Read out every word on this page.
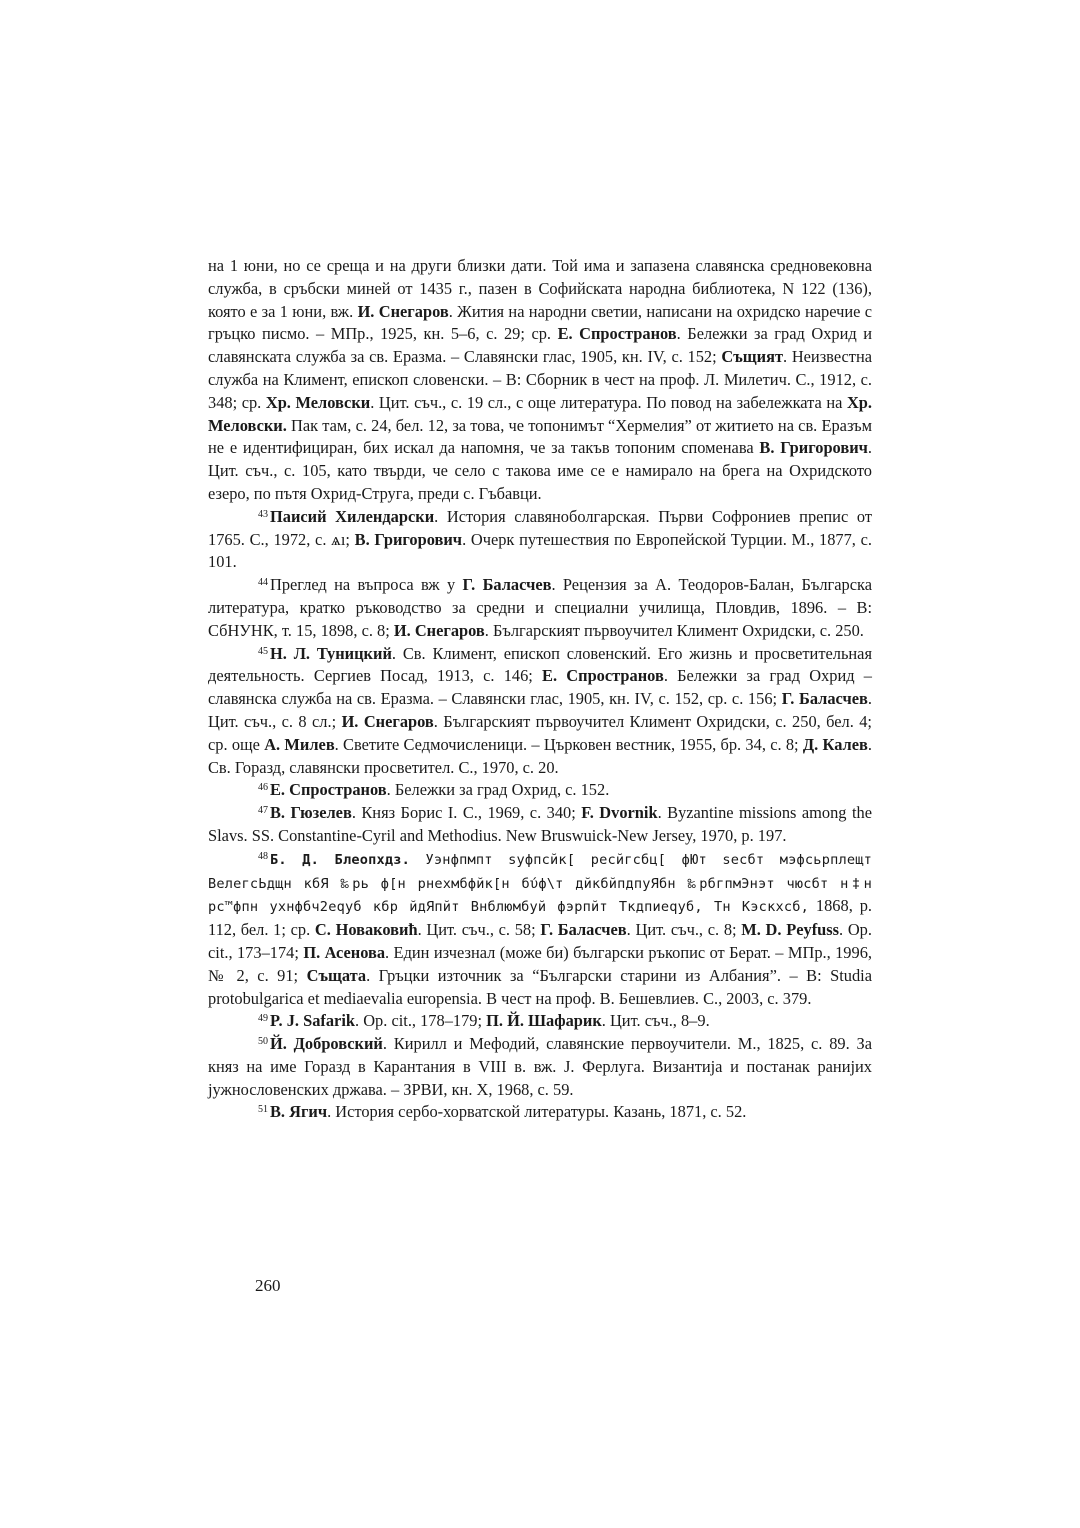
на 1 юни, но се среща и на други близки дати. Той има и запазена славянска средновековна служба, в сръбски миней от 1435 г., пазен в Софийската народна библиотека, N 122 (136), която е за 1 юни, вж. И. Снегаров. Жития на народни светии, написани на охридско наречие с гръцко писмо. – МПр., 1925, кн. 5–6, с. 29; ср. Е. Спространов. Бележки за град Охрид и славянската служба за св. Еразма. – Славянски глас, 1905, кн. IV, с. 152; Същият. Неизвестна служба на Климент, епископ словенски. – В: Сборник в чест на проф. Л. Милетич. С., 1912, с. 348; ср. Хр. Меловски. Цит. съч., с. 19 сл., с още литература. По повод на забележката на Хр. Меловски. Пак там, с. 24, бел. 12, за това, че топонимът “Хермелия” от житието на св. Еразъм не е идентифициран, бих искал да напомня, че за такъв топоним споменава В. Григорович. Цит. съч., с. 105, като твърди, че село с такова име се е намирало на брега на Охридското езеро, по пътя Охрид-Струга, преди с. Гъбавци.

$^{43}$ Паисий Хилендарски. История славяноболгарская. Първи Софрониев препис от 1765. С., 1972, с. ѧı; В. Григорович. Очерк путешествия по Европейской Турции. М., 1877, с. 101.

$^{44}$ Преглед на въпроса вж у Г. Баласчев. Рецензия за А. Теодоров-Балан, Българска литература, кратко ръководство за средни и специални училища, Пловдив, 1896. – В: СбНУНК, т. 15, 1898, с. 8; И. Снегаров. Българският първоучител Климент Охридски, с. 250.

$^{45}$ Н. Л. Туницкий. Св. Климент, епископ словенский. Его жизнь и просветительная деятельность. Сергиев Посад, 1913, с. 146; Е. Спространов. Бележки за град Охрид – славянска служба на св. Еразма. – Славянски глас, 1905, кн. IV, с. 152, ср. с. 156; Г. Баласчев. Цит. съч., с. 8 сл.; И. Снегаров. Българският първоучител Климент Охридски, с. 250, бел. 4; ср. още А. Милев. Светите Седмочисленици. – Църковен вестник, 1955, бр. 34, с. 8; Д. Калев. Св. Горазд, славянски просветител. С., 1970, с. 20.

$^{46}$ Е. Спространов. Бележки за град Охрид, с. 152.

$^{47}$ В. Гюзелев. Княз Борис I. С., 1969, с. 340; F. Dvornik. Byzantine missions among the Slavs. SS. Constantine-Cyril and Methodius. New Bruswuick-New Jersey, 1970, p. 197.

$^{48}$ Б. Д. Блеопхдз. Уэнфпмпт ѕуфпсйк[ ресйгсбц[ фЮт ѕесбт мэфсьрплещт ВелегсЬдщн кбЯ ‰рь ф[н рнехмбфйк[н бύф\т дйкбйпдпуЯбн ‰рбгпмЭнэт чюсбт н‡н рс™фпн ухнфбч2еqуб кбр йдЯпйт Внблюмбуй фэрпйт Ткдпиеqуб, Тн Кэскхсб, 1868, р. 112, бел. 1; ср. С. Новаковић. Цит. съч., с. 58; Г. Баласчев. Цит. съч., с. 8; M. D. Peyfuss. Op. cit., 173–174; П. Асенова. Един изчезнал (може би) български ръкопис от Берат. – МПр., 1996, № 2, с. 91; Същата. Гръцки източник за “Български старини из Албания”. – В: Studia protobulgarica et mediaevalia europensia. В чест на проф. В. Бешевлиев. С., 2003, с. 379.

$^{49}$ P. J. Safarik. Op. cit., 178–179; П. Й. Шафарик. Цит. съч., 8–9.

$^{50}$ Й. Добровский. Кирилл и Мефодий, славянские первоучители. М., 1825, с. 89. За княз на име Горазд в Карантания в VIII в. вж. J. Ферлуга. Византија и постанак ранијих јужнословенских држава. – ЗРВИ, кн. X, 1968, с. 59.

$^{51}$ В. Ягич. История сербо-хорватской литературы. Казань, 1871, с. 52.

260
